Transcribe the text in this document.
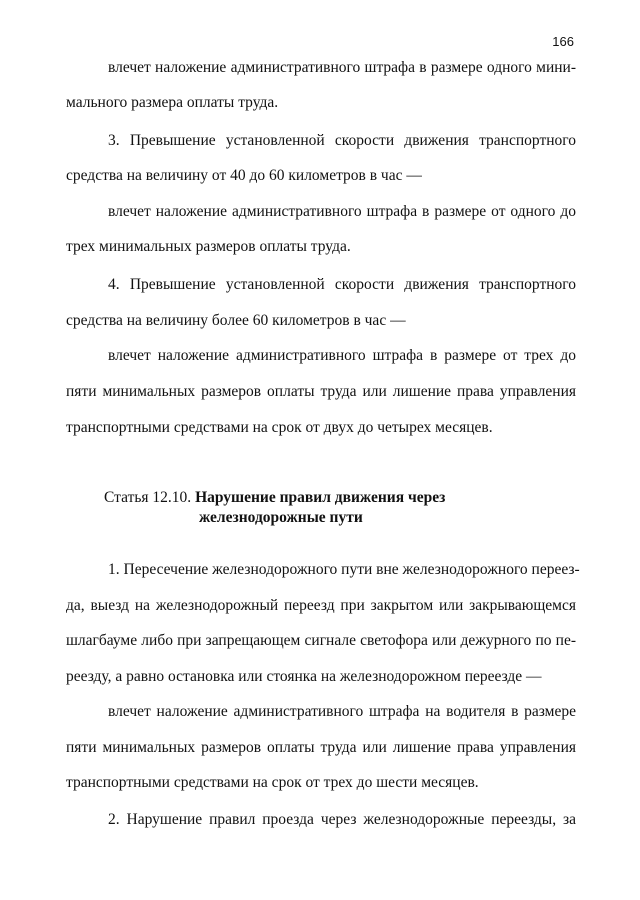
166
влечет наложение административного штрафа в размере одного мини-
мального размера оплаты труда.
3. Превышение установленной скорости движения транспортного
средства на величину от 40 до 60 километров в час —
влечет наложение административного штрафа в размере от одного до
трех минимальных размеров оплаты труда.
4. Превышение установленной скорости движения транспортного
средства на величину более 60 километров в час —
влечет наложение административного штрафа в размере от трех до
пяти минимальных размеров оплаты труда или лишение права управления
транспортными средствами на срок от двух до четырех месяцев.
Статья 12.10. Нарушение правил движения через
железнодорожные пути
1. Пересечение железнодорожного пути вне железнодорожного переез-
да, выезд на железнодорожный переезд при закрытом или закрывающемся
шлагбауме либо при запрещающем сигнале светофора или дежурного по пе-
реезду, а равно остановка или стоянка на железнодорожном переезде —
влечет наложение административного штрафа на водителя в размере
пяти минимальных размеров оплаты труда или лишение права управления
транспортными средствами на срок от трех до шести месяцев.
2. Нарушение правил проезда через железнодорожные переезды, за
